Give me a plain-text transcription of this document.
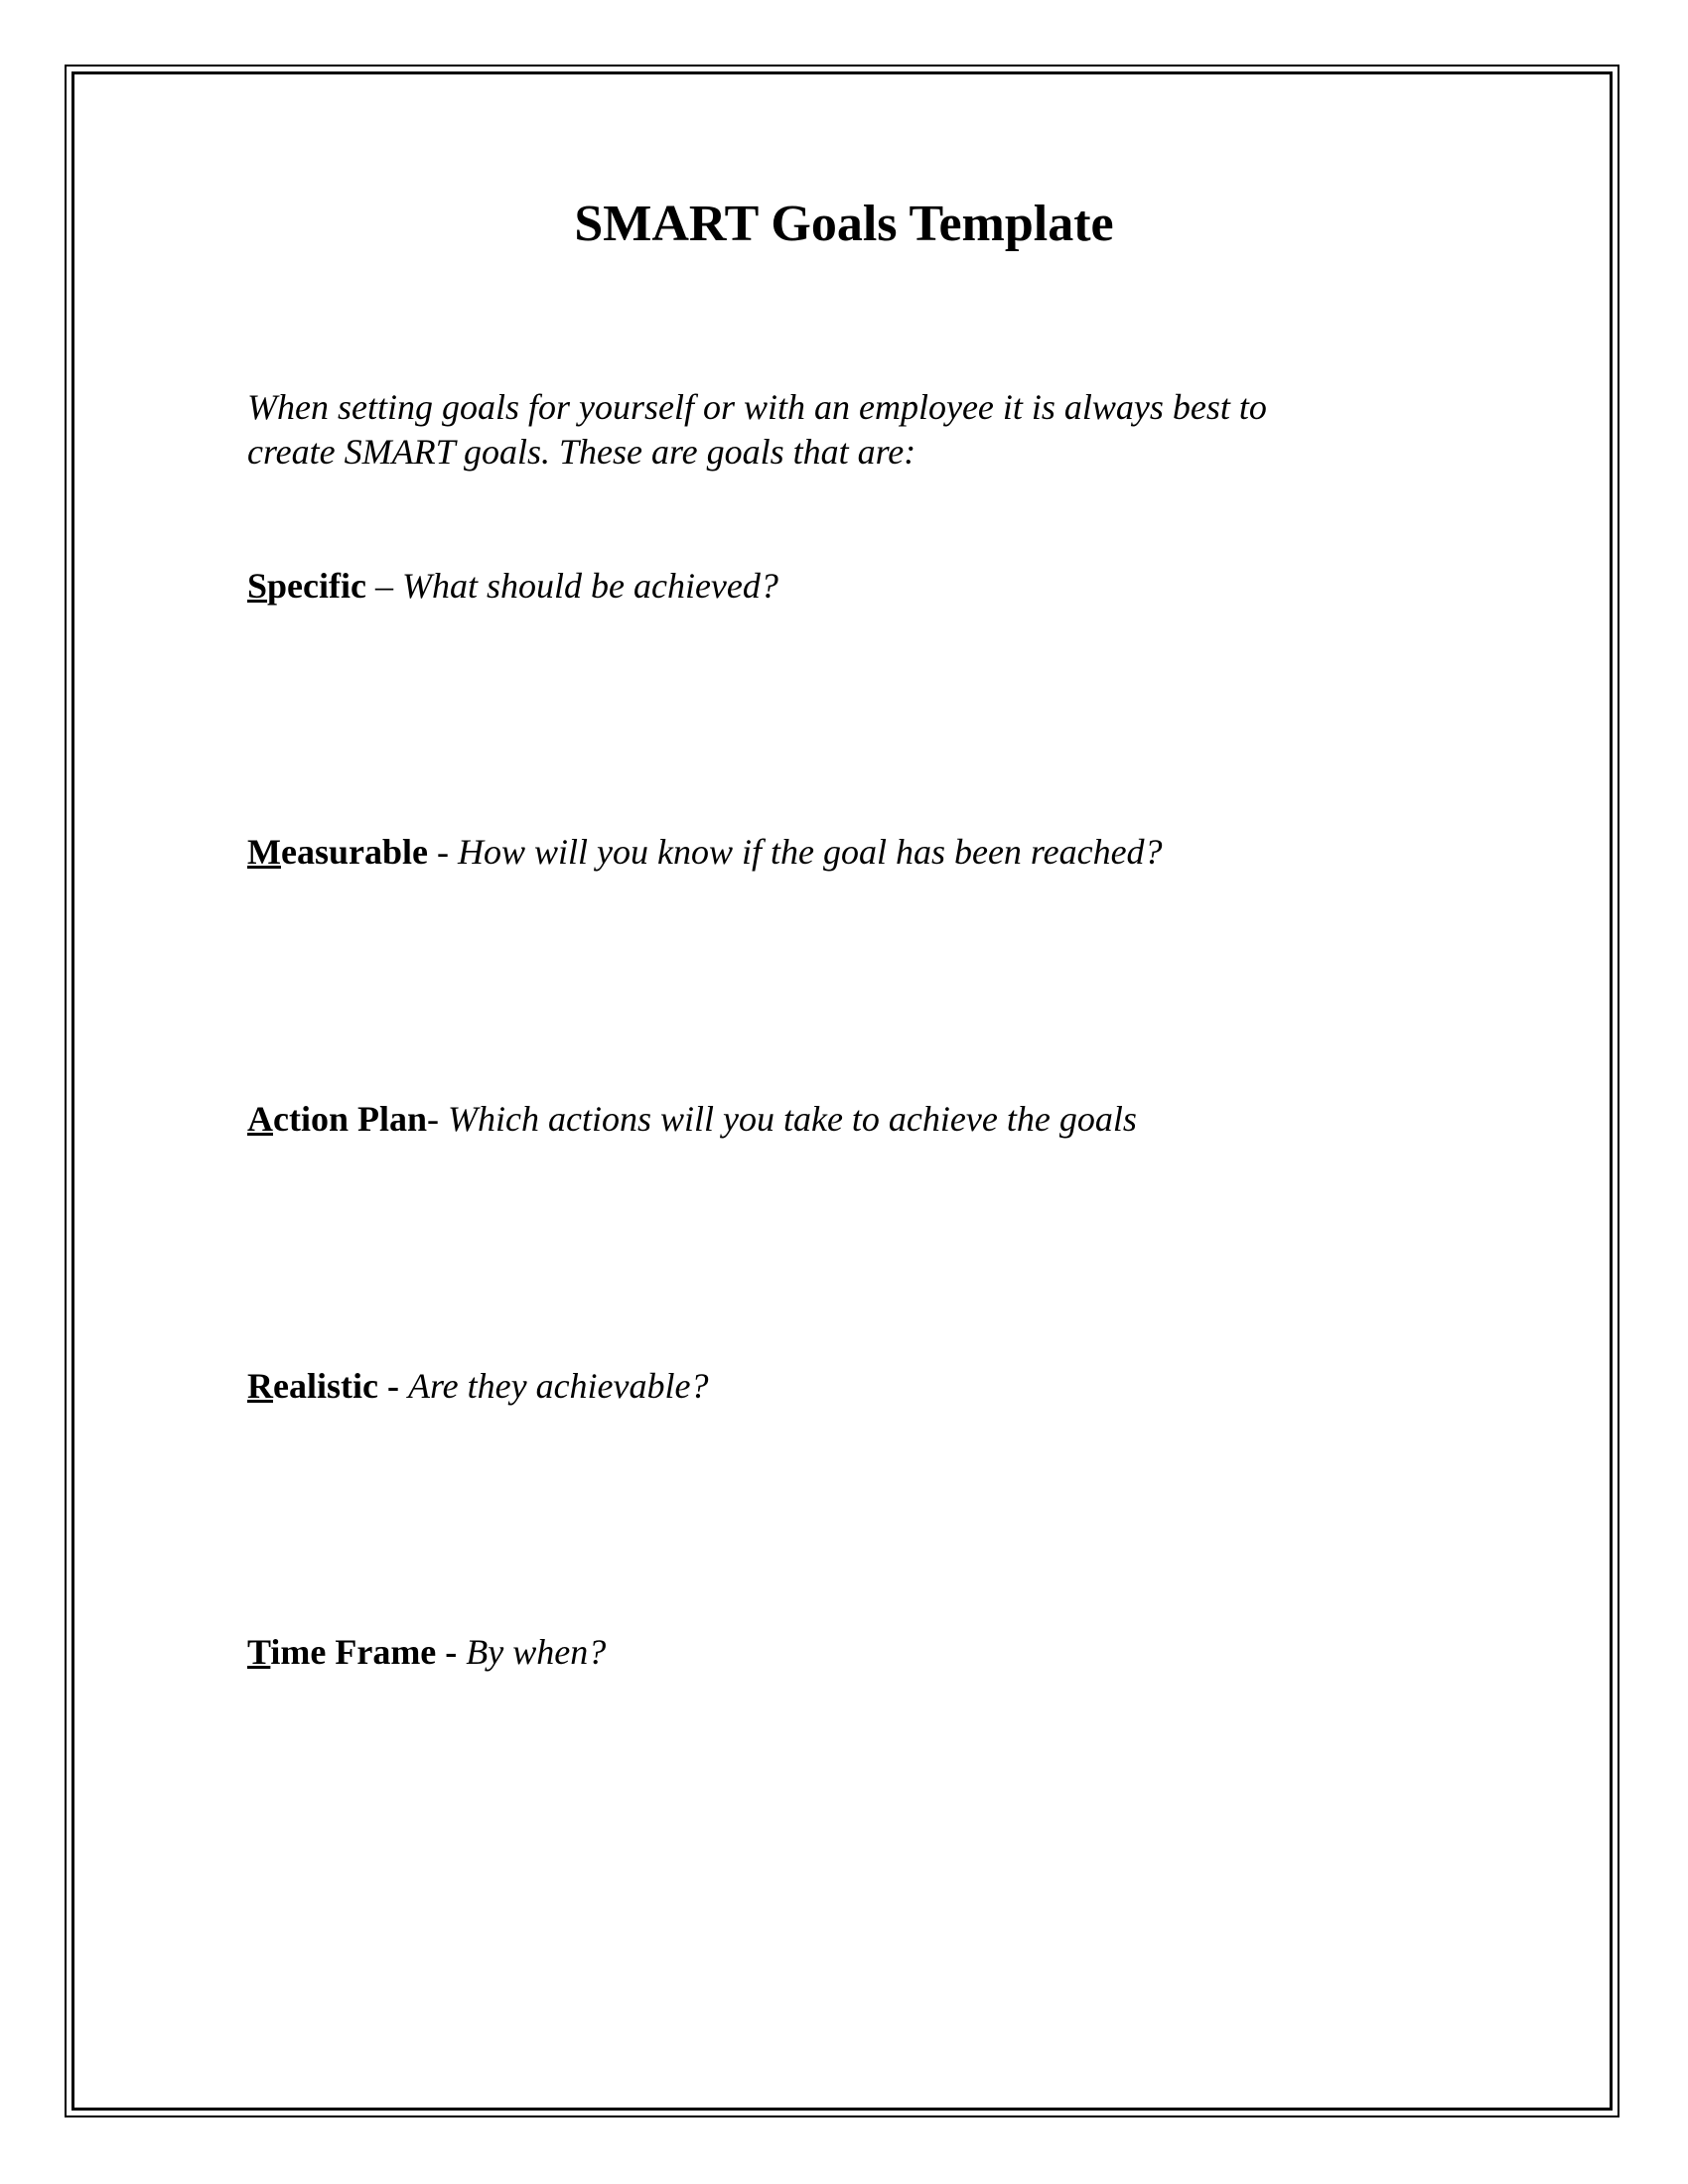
SMART Goals Template
When setting goals for yourself or with an employee it is always best to
create SMART goals. These are goals that are:
Specific – What should be achieved?
Measurable - How will you know if the goal has been reached?
Action Plan- Which actions will you take to achieve the goals
Realistic - Are they achievable?
Time Frame - By when?
